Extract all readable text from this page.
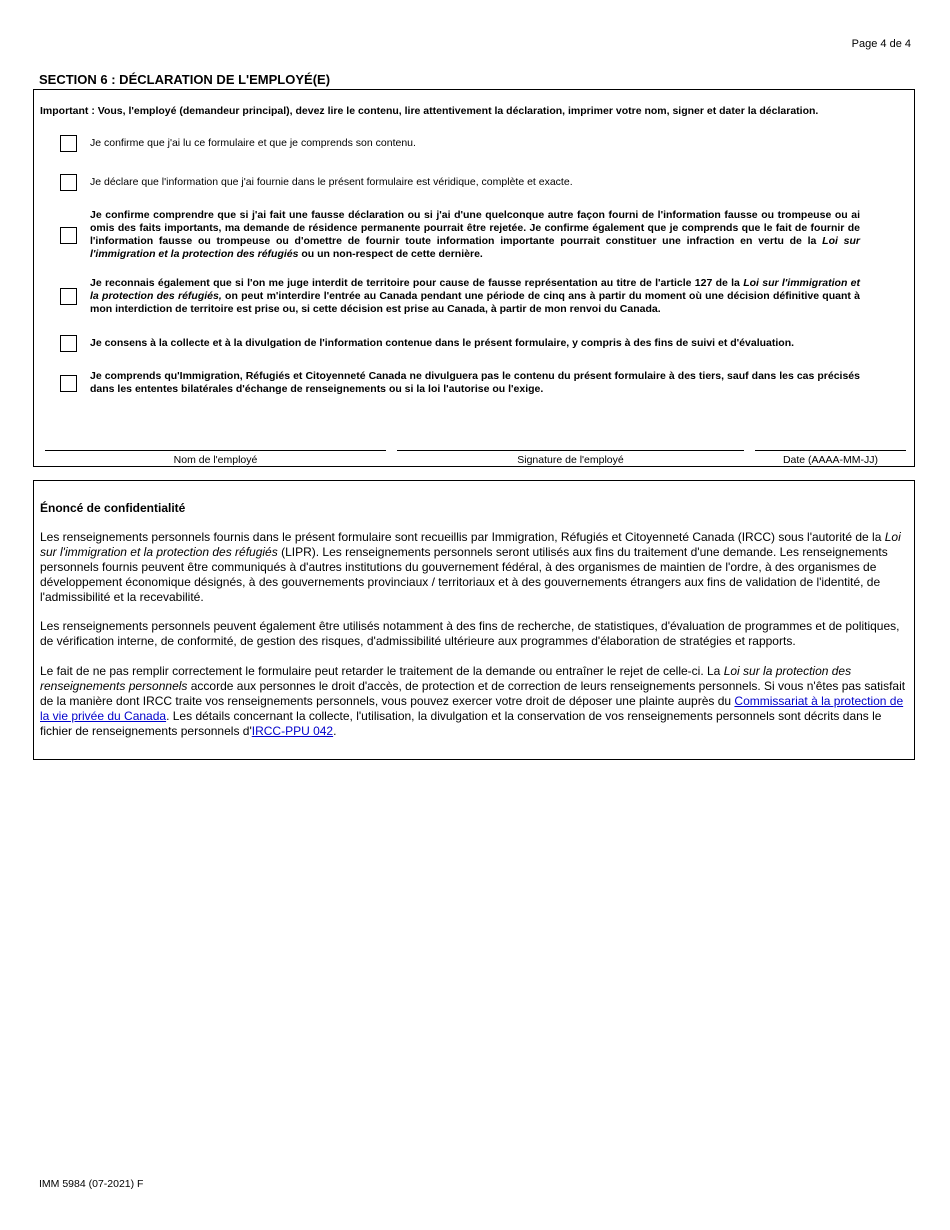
Page 4 de 4
SECTION 6 : DÉCLARATION DE L'EMPLOYÉ(E)
Important : Vous, l'employé (demandeur principal), devez lire le contenu, lire attentivement la déclaration, imprimer votre nom, signer et dater la déclaration.
Je confirme que j'ai lu ce formulaire et que je comprends son contenu.
Je déclare que l'information que j'ai fournie dans le présent formulaire est véridique, complète et exacte.
Je confirme comprendre que si j'ai fait une fausse déclaration ou si j'ai d'une quelconque autre façon fourni de l'information fausse ou trompeuse ou ai omis des faits importants, ma demande de résidence permanente pourrait être rejetée. Je confirme également que je comprends que le fait de fournir de l'information fausse ou trompeuse ou d'omettre de fournir toute information importante pourrait constituer une infraction en vertu de la Loi sur l'immigration et la protection des réfugiés ou un non-respect de cette dernière.
Je reconnais également que si l'on me juge interdit de territoire pour cause de fausse représentation au titre de l'article 127 de la Loi sur l'immigration et la protection des réfugiés, on peut m'interdire l'entrée au Canada pendant une période de cinq ans à partir du moment où une décision définitive quant à mon interdiction de territoire est prise ou, si cette décision est prise au Canada, à partir de mon renvoi du Canada.
Je consens à la collecte et à la divulgation de l'information contenue dans le présent formulaire, y compris à des fins de suivi et d'évaluation.
Je comprends qu'Immigration, Réfugiés et Citoyenneté Canada ne divulguera pas le contenu du présent formulaire à des tiers, sauf dans les cas précisés dans les ententes bilatérales d'échange de renseignements ou si la loi l'autorise ou l'exige.
Nom de l'employé	Signature de l'employé	Date (AAAA-MM-JJ)
Énoncé de confidentialité

Les renseignements personnels fournis dans le présent formulaire sont recueillis par Immigration, Réfugiés et Citoyenneté Canada (IRCC) sous l'autorité de la Loi sur l'immigration et la protection des réfugiés (LIPR). Les renseignements personnels seront utilisés aux fins du traitement d'une demande. Les renseignements personnels fournis peuvent être communiqués à d'autres institutions du gouvernement fédéral, à des organismes de maintien de l'ordre, à des organismes de développement économique désignés, à des gouvernements provinciaux / territoriaux et à des gouvernements étrangers aux fins de validation de l'identité, de l'admissibilité et la recevabilité.

Les renseignements personnels peuvent également être utilisés notamment à des fins de recherche, de statistiques, d'évaluation de programmes et de politiques, de vérification interne, de conformité, de gestion des risques, d'admissibilité ultérieure aux programmes d'élaboration de stratégies et rapports.

Le fait de ne pas remplir correctement le formulaire peut retarder le traitement de la demande ou entraîner le rejet de celle-ci. La Loi sur la protection des renseignements personnels accorde aux personnes le droit d'accès, de protection et de correction de leurs renseignements personnels. Si vous n'êtes pas satisfait de la manière dont IRCC traite vos renseignements personnels, vous pouvez exercer votre droit de déposer une plainte auprès du Commissariat à la protection de la vie privée du Canada. Les détails concernant la collecte, l'utilisation, la divulgation et la conservation de vos renseignements personnels sont décrits dans le fichier de renseignements personnels d'IRCC-PPU 042.

IMM 5984 (07-2021) F
